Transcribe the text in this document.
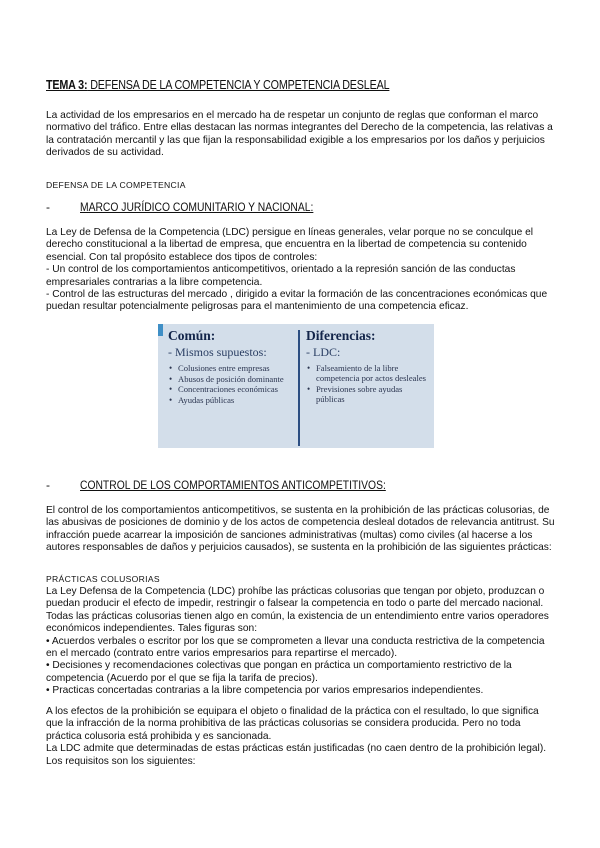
TEMA 3: DEFENSA DE LA COMPETENCIA Y COMPETENCIA DESLEAL

La actividad de los empresarios en el mercado ha de respetar un conjunto de reglas que conforman el marco normativo del tráfico. Entre ellas destacan las normas integrantes del Derecho de la competencia, las relativas a la contratación mercantil y las que fijan la responsabilidad exigible a los empresarios por los daños y perjuicios derivados de su actividad.

DEFENSA DE LA COMPETENCIA
-	MARCO JURÍDICO COMUNITARIO Y NACIONAL:

La Ley de Defensa de la Competencia (LDC) persigue en líneas generales, velar porque no se conculque el derecho constitucional a la libertad de empresa, que encuentra en la libertad de competencia su contenido esencial. Con tal propósito establece dos tipos de controles:

- Un control de los comportamientos anticompetitivos, orientado a la represión sanción de las conductas empresariales contrarias a la libre competencia.

- Control de las estructuras del mercado , dirigido a evitar la formación de las concentraciones económicas que puedan resultar potencialmente peligrosas para el mantenimiento de una competencia eficaz.

Común:
- Mismos supuestos:
• Colusiones entre empresas
• Abusos de posición dominante
• Concentraciones económicas
• Ayudas públicas
Diferencias:
- LDC:
• Falseamiento de la libre competencia por actos desleales
• Previsiones sobre ayudas públicas
-	CONTROL DE LOS COMPORTAMIENTOS ANTICOMPETITIVOS:

El control de los comportamientos anticompetitivos, se sustenta en la prohibición de las prácticas colusorias, de las abusivas de posiciones de dominio y de los actos de competencia desleal dotados de relevancia antitrust. Su infracción puede acarrear la imposición de sanciones administrativas (multas) como civiles (al hacerse a los autores responsables de daños y perjuicios causados), se sustenta en la prohibición de las siguientes prácticas:

PRÁCTICAS COLUSORIAS

La Ley Defensa de la Competencia (LDC) prohíbe las prácticas colusorias que tengan por objeto, produzcan o puedan producir el efecto de impedir, restringir o falsear la competencia en todo o parte del mercado nacional. Todas las prácticas colusorias tienen algo en común, la existencia de un entendimiento entre varios operadores económicos independientes. Tales figuras son:

• Acuerdos verbales o escritor por los que se comprometen a llevar una conducta restrictiva de la competencia en el mercado (contrato entre varios empresarios para repartirse el mercado).

• Decisiones y recomendaciones colectivas que pongan en práctica un comportamiento restrictivo de la competencia (Acuerdo por el que se fija la tarifa de precios).

• Practicas concertadas contrarias a la libre competencia por varios empresarios independientes.

A los efectos de la prohibición se equipara el objeto o finalidad de la práctica con el resultado, lo que significa que la infracción de la norma prohibitiva de las prácticas colusorias se considera producida. Pero no toda práctica colusoria está prohibida y es sancionada.

La LDC admite que determinadas de estas prácticas están justificadas (no caen dentro de la prohibición legal). Los requisitos son los siguientes:
